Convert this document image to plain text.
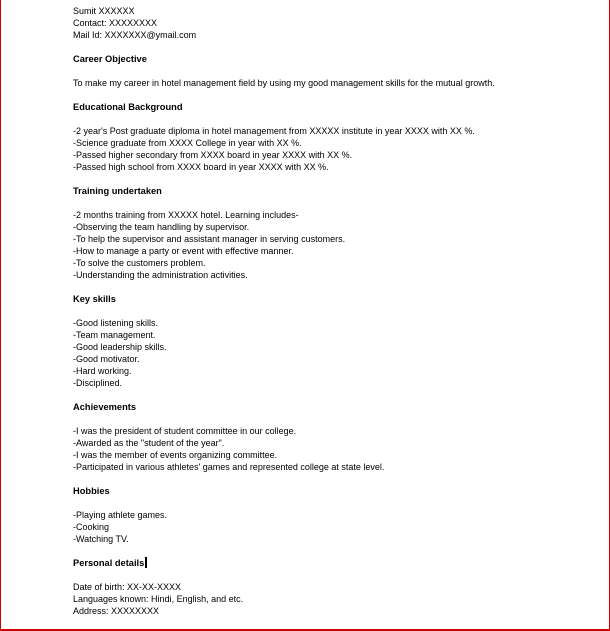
Sumit XXXXXX
Contact: XXXXXXXX
Mail Id: XXXXXXX@ymail.com
Career Objective
To make my career in hotel management field by using my good management skills for the mutual growth.
Educational Background
-2 year's Post graduate diploma in hotel management from XXXXX institute in year XXXX with XX %.
-Science graduate from XXXX College in year with XX %.
-Passed higher secondary from XXXX board in year XXXX with XX %.
-Passed high school from XXXX board in year XXXX with XX %.
Training undertaken
-2 months training from XXXXX hotel. Learning includes-
-Observing the team handling by supervisor.
-To help the supervisor and assistant manager in serving customers.
-How to manage a party or event with effective manner.
-To solve the customers problem.
-Understanding the administration activities.
Key skills
-Good listening skills.
-Team management.
-Good leadership skills.
-Good motivator.
-Hard working.
-Disciplined.
Achievements
-I was the president of student committee in our college.
-Awarded as the "student of the year".
-I was the member of events organizing committee.
-Participated in various athletes' games and represented college at state level.
Hobbies
-Playing athlete games.
-Cooking
-Watching TV.
Personal details
Date of birth: XX-XX-XXXX
Languages known: Hindi, English, and etc.
Address: XXXXXXXX
